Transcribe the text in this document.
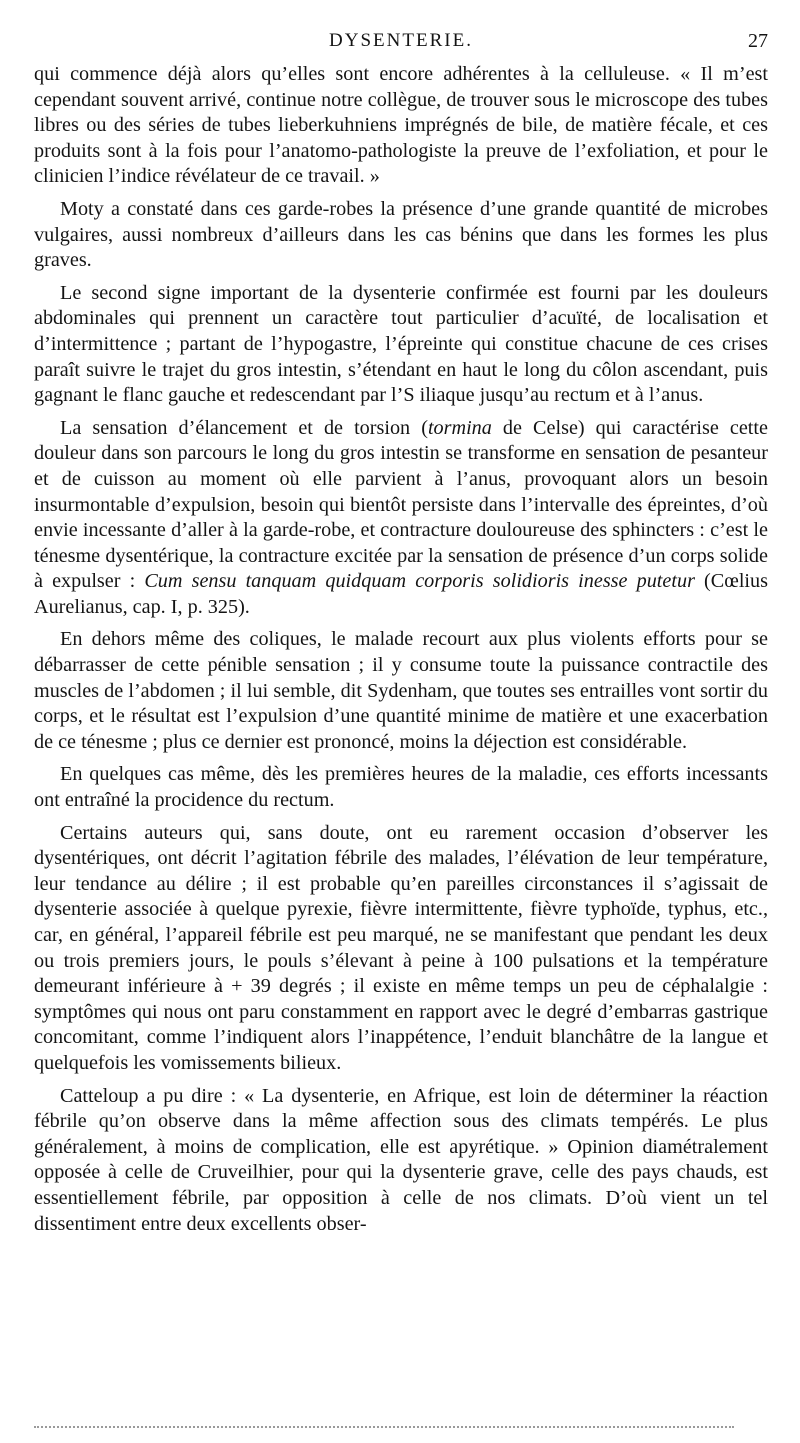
DYSENTERIE.	27

qui commence déjà alors qu’elles sont encore adhérentes à la celluleuse. « Il m’est cependant souvent arrivé, continue notre collègue, de trouver sous le microscope des tubes libres ou des séries de tubes lieberkuhniens imprégnés de bile, de matière fécale, et ces produits sont à la fois pour l’anatomo-pathologiste la preuve de l’exfoliation, et pour le clinicien l’indice révélateur de ce travail. »

Moty a constaté dans ces garde-robes la présence d’une grande quantité de microbes vulgaires, aussi nombreux d’ailleurs dans les cas bénins que dans les formes les plus graves.

Le second signe important de la dysenterie confirmée est fourni par les douleurs abdominales qui prennent un caractère tout particulier d’acuïté, de localisation et d’intermittence ; partant de l’hypogastre, l’épreinte qui constitue chacune de ces crises paraît suivre le trajet du gros intestin, s’étendant en haut le long du côlon ascendant, puis gagnant le flanc gauche et redescendant par l’S iliaque jusqu’au rectum et à l’anus.

La sensation d’élancement et de torsion (tormina de Celse) qui caractérise cette douleur dans son parcours le long du gros intestin se transforme en sensation de pesanteur et de cuisson au moment où elle parvient à l’anus, provoquant alors un besoin insurmontable d’expulsion, besoin qui bientôt persiste dans l’intervalle des épreintes, d’où envie incessante d’aller à la garde-robe, et contracture douloureuse des sphincters : c’est le ténesme dysentérique, la contracture excitée par la sensation de présence d’un corps solide à expulser : Cum sensu tanquam quidquam corporis solidioris inesse putetur (Cœlius Aurelianus, cap. I, p. 325).

En dehors même des coliques, le malade recourt aux plus violents efforts pour se débarrasser de cette pénible sensation ; il y consume toute la puissance contractile des muscles de l’abdomen ; il lui semble, dit Sydenham, que toutes ses entrailles vont sortir du corps, et le résultat est l’expulsion d’une quantité minime de matière et une exacerbation de ce ténesme ; plus ce dernier est prononcé, moins la déjection est considérable.

En quelques cas même, dès les premières heures de la maladie, ces efforts incessants ont entraîné la procidence du rectum.

Certains auteurs qui, sans doute, ont eu rarement occasion d’observer les dysentériques, ont décrit l’agitation fébrile des malades, l’élévation de leur température, leur tendance au délire ; il est probable qu’en pareilles circonstances il s’agissait de dysenterie associée à quelque pyrexie, fièvre intermittente, fièvre typhoïde, typhus, etc., car, en général, l’appareil fébrile est peu marqué, ne se manifestant que pendant les deux ou trois premiers jours, le pouls s’élevant à peine à 100 pulsations et la température demeurant inférieure à + 39 degrés ; il existe en même temps un peu de céphalalgie : symptômes qui nous ont paru constamment en rapport avec le degré d’embarras gastrique concomitant, comme l’indiquent alors l’inappétence, l’enduit blanchâtre de la langue et quelquefois les vomissements bilieux.

Catteloup a pu dire : « La dysenterie, en Afrique, est loin de déterminer la réaction fébrile qu’on observe dans la même affection sous des climats tempérés. Le plus généralement, à moins de complication, elle est apyrétique. » Opinion diamétralement opposée à celle de Cruveilhier, pour qui la dysenterie grave, celle des pays chauds, est essentiellement fébrile, par opposition à celle de nos climats. D’où vient un tel dissentiment entre deux excellents obser-
